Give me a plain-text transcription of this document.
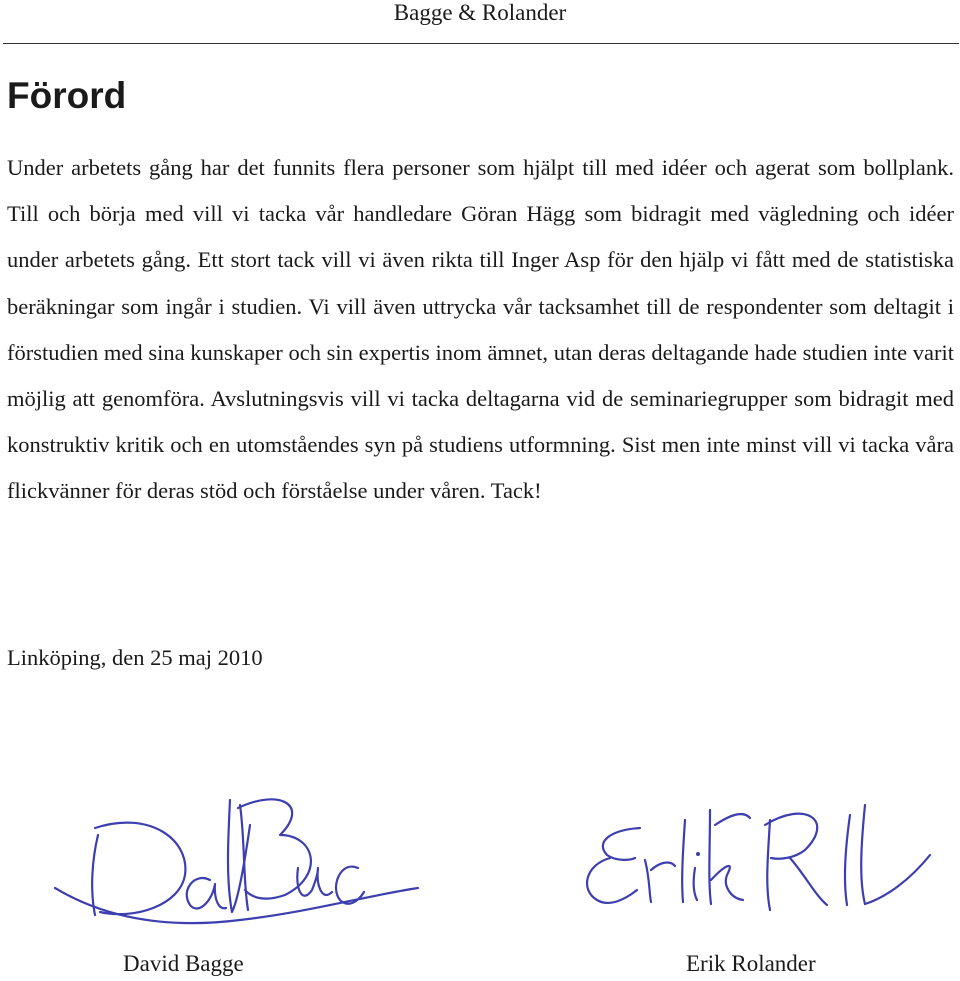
Bagge & Rolander
Förord

Under arbetets gång har det funnits flera personer som hjälpt till med idéer och agerat som bollplank. Till och börja med vill vi tacka vår handledare Göran Hägg som bidragit med vägledning och idéer under arbetets gång. Ett stort tack vill vi även rikta till Inger Asp för den hjälp vi fått med de statistiska beräkningar som ingår i studien. Vi vill även uttrycka vår tacksamhet till de respondenter som deltagit i förstudien med sina kunskaper och sin expertis inom ämnet, utan deras deltagande hade studien inte varit möjlig att genomföra. Avslutningsvis vill vi tacka deltagarna vid de seminariegrupper som bidragit med konstruktiv kritik och en utomståendes syn på studiens utformning. Sist men inte minst vill vi tacka våra flickvänner för deras stöd och förståelse under våren. Tack!

Linköping, den 25 maj 2010

David Bagge	Erik Rolander
